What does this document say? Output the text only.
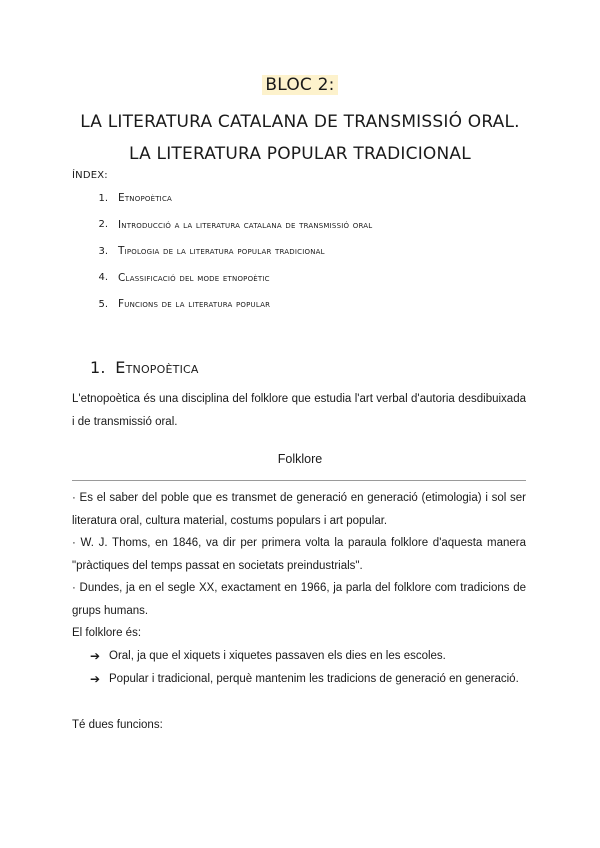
BLOC 2:
LA LITERATURA CATALANA DE TRANSMISSIÓ ORAL. LA LITERATURA POPULAR TRADICIONAL
ÍNDEX:
1. Etnopoètica
2. Introducció a la literatura catalana de transmissió oral
3. Tipologia de la literatura popular tradicional
4. Classificació del mode etnopoètic
5. Funcions de la literatura popular
1. Etnopoètica
L'etnopoètica és una disciplina del folklore que estudia l'art verbal d'autoria desdibuixada i de transmissió oral.
Folklore
· Es el saber del poble que es transmet de generació en generació (etimologia) i sol ser literatura oral, cultura material, costums populars i art popular.
· W. J. Thoms, en 1846, va dir per primera volta la paraula folklore d'aquesta manera "pràctiques del temps passat en societats preindustrials".
· Dundes, ja en el segle XX, exactament en 1966, ja parla del folklore com tradicions de grups humans.
El folklore és:
➔ Oral, ja que el xiquets i xiquetes passaven els dies en les escoles.
➔ Popular i tradicional, perquè mantenim les tradicions de generació en generació.
Té dues funcions:
